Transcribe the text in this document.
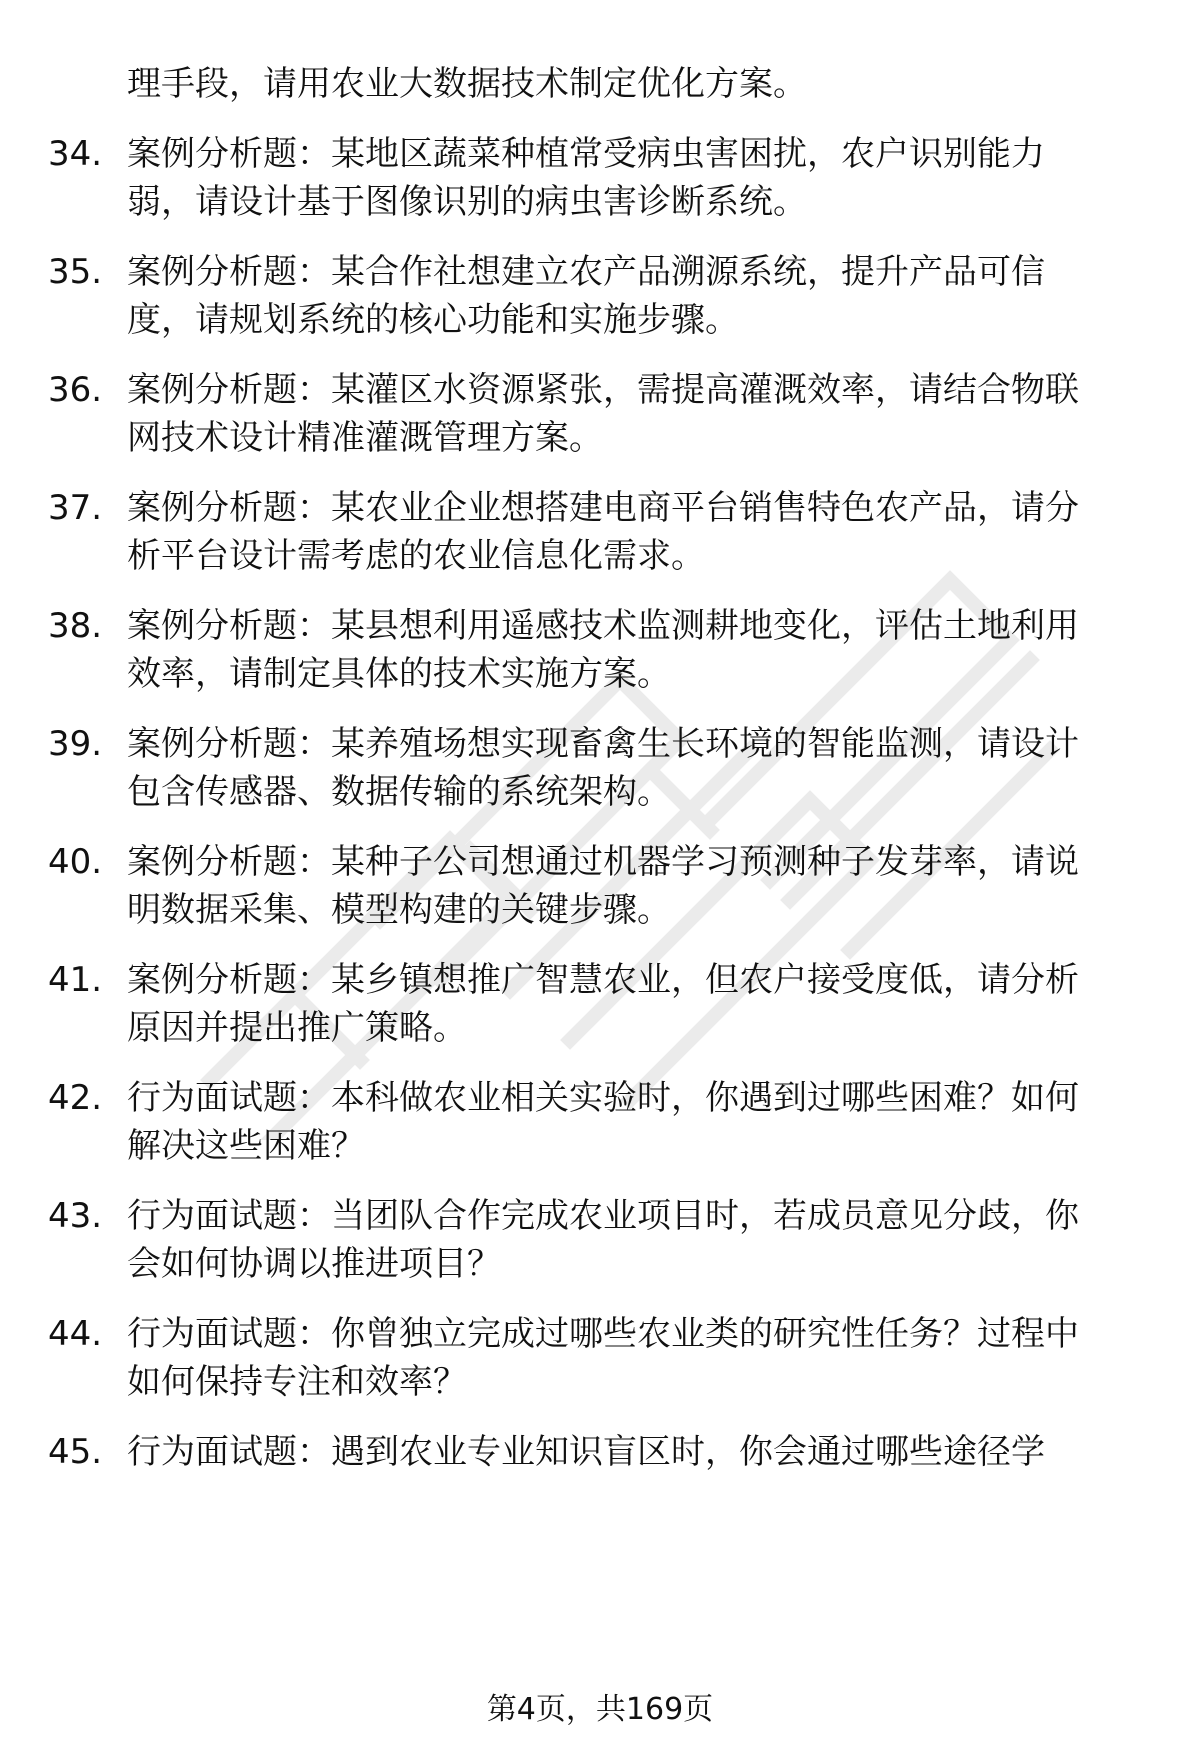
理手段，请用农业大数据技术制定优化方案。
34. 案例分析题：某地区蔬菜种植常受病虫害困扰，农户识别能力
弱，请设计基于图像识别的病虫害诊断系统。
35. 案例分析题：某合作社想建立农产品溯源系统，提升产品可信
度，请规划系统的核心功能和实施步骤。
36. 案例分析题：某灌区水资源紧张，需提高灌溉效率，请结合物联
网技术设计精准灌溉管理方案。
37. 案例分析题：某农业企业想搭建电商平台销售特色农产品，请分
析平台设计需考虑的农业信息化需求。
38. 案例分析题：某县想利用遥感技术监测耕地变化，评估土地利用
效率，请制定具体的技术实施方案。
39. 案例分析题：某养殖场想实现畜禽生长环境的智能监测，请设计
包含传感器、数据传输的系统架构。
40. 案例分析题：某种子公司想通过机器学习预测种子发芽率，请说
明数据采集、模型构建的关键步骤。
41. 案例分析题：某乡镇想推广智慧农业，但农户接受度低，请分析
原因并提出推广策略。
42. 行为面试题：本科做农业相关实验时，你遇到过哪些困难？如何
解决这些困难？
43. 行为面试题：当团队合作完成农业项目时，若成员意见分歧，你
会如何协调以推进项目？
44. 行为面试题：你曾独立完成过哪些农业类的研究性任务？过程中
如何保持专注和效率？
45. 行为面试题：遇到农业专业知识盲区时，你会通过哪些途径学
第4页，共169页
